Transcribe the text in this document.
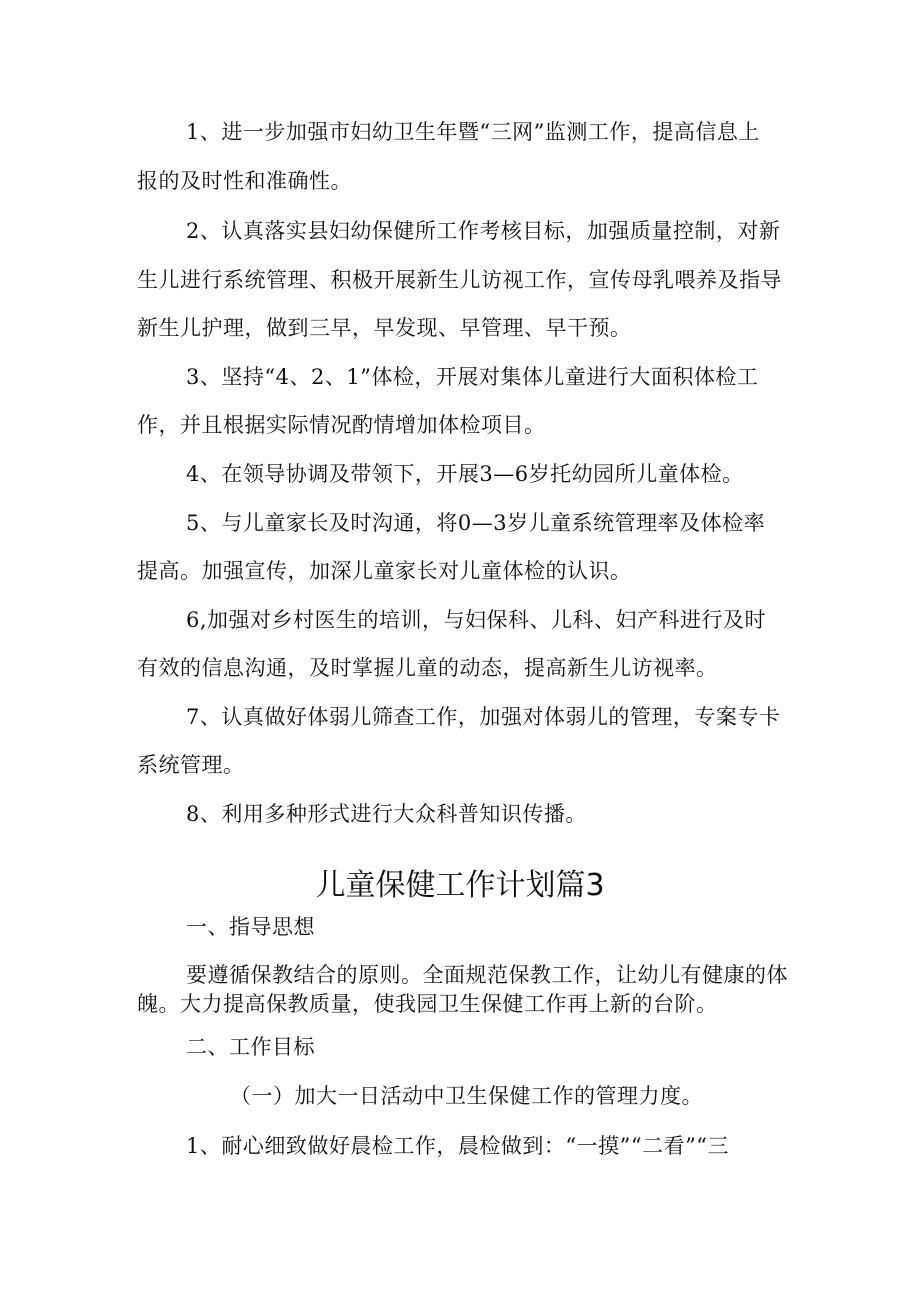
1、进一步加强市妇幼卫生年暨“三网”监测工作，提高信息上
报的及时性和准确性。
2、认真落实县妇幼保健所工作考核目标，加强质量控制，对新
生儿进行系统管理、积极开展新生儿访视工作，宣传母乳喂养及指导
新生儿护理，做到三早，早发现、早管理、早干预。
3、坚持“4、2、1”体检，开展对集体儿童进行大面积体检工
作，并且根据实际情况酌情增加体检项目。
4、在领导协调及带领下，开展3—6岁托幼园所儿童体检。
5、与儿童家长及时沟通，将0—3岁儿童系统管理率及体检率
提高。加强宣传，加深儿童家长对儿童体检的认识。
6,加强对乡村医生的培训，与妇保科、儿科、妇产科进行及时
有效的信息沟通，及时掌握儿童的动态，提高新生儿访视率。
7、认真做好体弱儿筛查工作，加强对体弱儿的管理，专案专卡
系统管理。
8、利用多种形式进行大众科普知识传播。
儿童保健工作计划篇3
一、指导思想
要遵循保教结合的原则。全面规范保教工作，让幼儿有健康的体
魄。大力提高保教质量，使我园卫生保健工作再上新的台阶。
二、工作目标
（一）加大一日活动中卫生保健工作的管理力度。
1、耐心细致做好晨检工作，晨检做到：“一摸”“二看”“三
